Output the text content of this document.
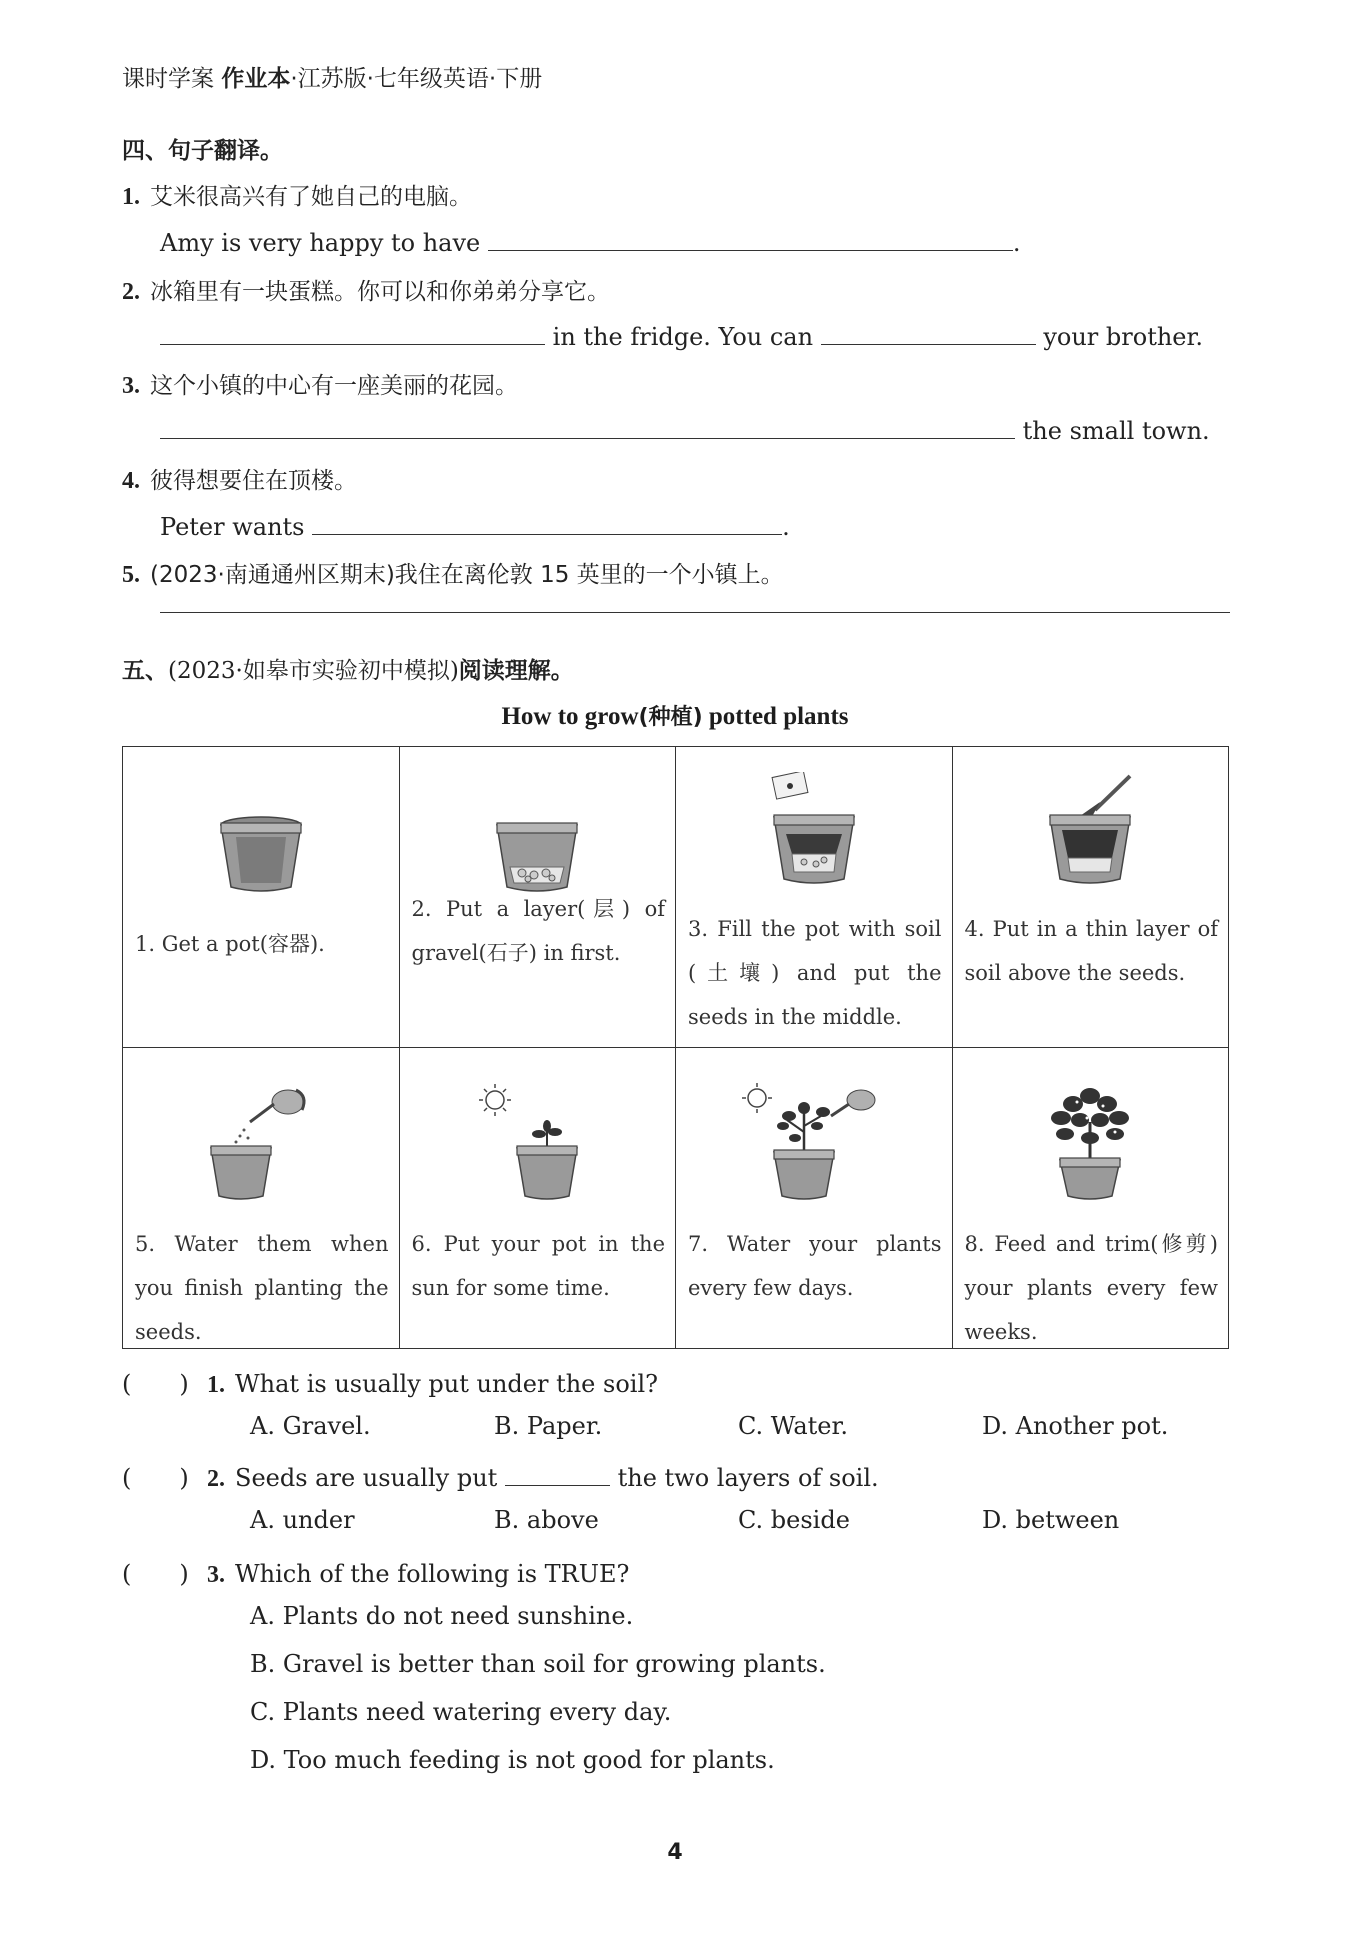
课时学案 作业本·江苏版·七年级英语·下册
四、句子翻译。
1. 艾米很高兴有了她自己的电脑。
Amy is very happy to have	.
2. 冰箱里有一块蛋糕。你可以和你弟弟分享它。
in the fridge. You can	your brother.
3. 这个小镇的中心有一座美丽的花园。
the small town.
4. 彼得想要住在顶楼。
Peter wants	.
5. (2023·南通通州区期末)我住在离伦敦 15 英里的一个小镇上。
五、(2023·如皋市实验初中模拟)阅读理解。
How to grow(种植) potted plants
1. Get a pot(容器).	2. Put a layer(层) of gravel(石子) in first.	3. Fill the pot with soil (土壤) and put the seeds in the middle.	4. Put in a thin layer of soil above the seeds.

5. Water them when you finish planting the seeds.	6. Put your pot in the sun for some time.	7. Water your plants every few days.	8. Feed and trim(修剪) your plants every few weeks.
(　　) 1. What is usually put under the soil?
A. Gravel.	B. Paper.	C. Water.	D. Another pot.
(　　) 2. Seeds are usually put	the two layers of soil.
A. under	B. above	C. beside	D. between
(　　) 3. Which of the following is TRUE?
A. Plants do not need sunshine.
B. Gravel is better than soil for growing plants.
C. Plants need watering every day.
D. Too much feeding is not good for plants.
4
